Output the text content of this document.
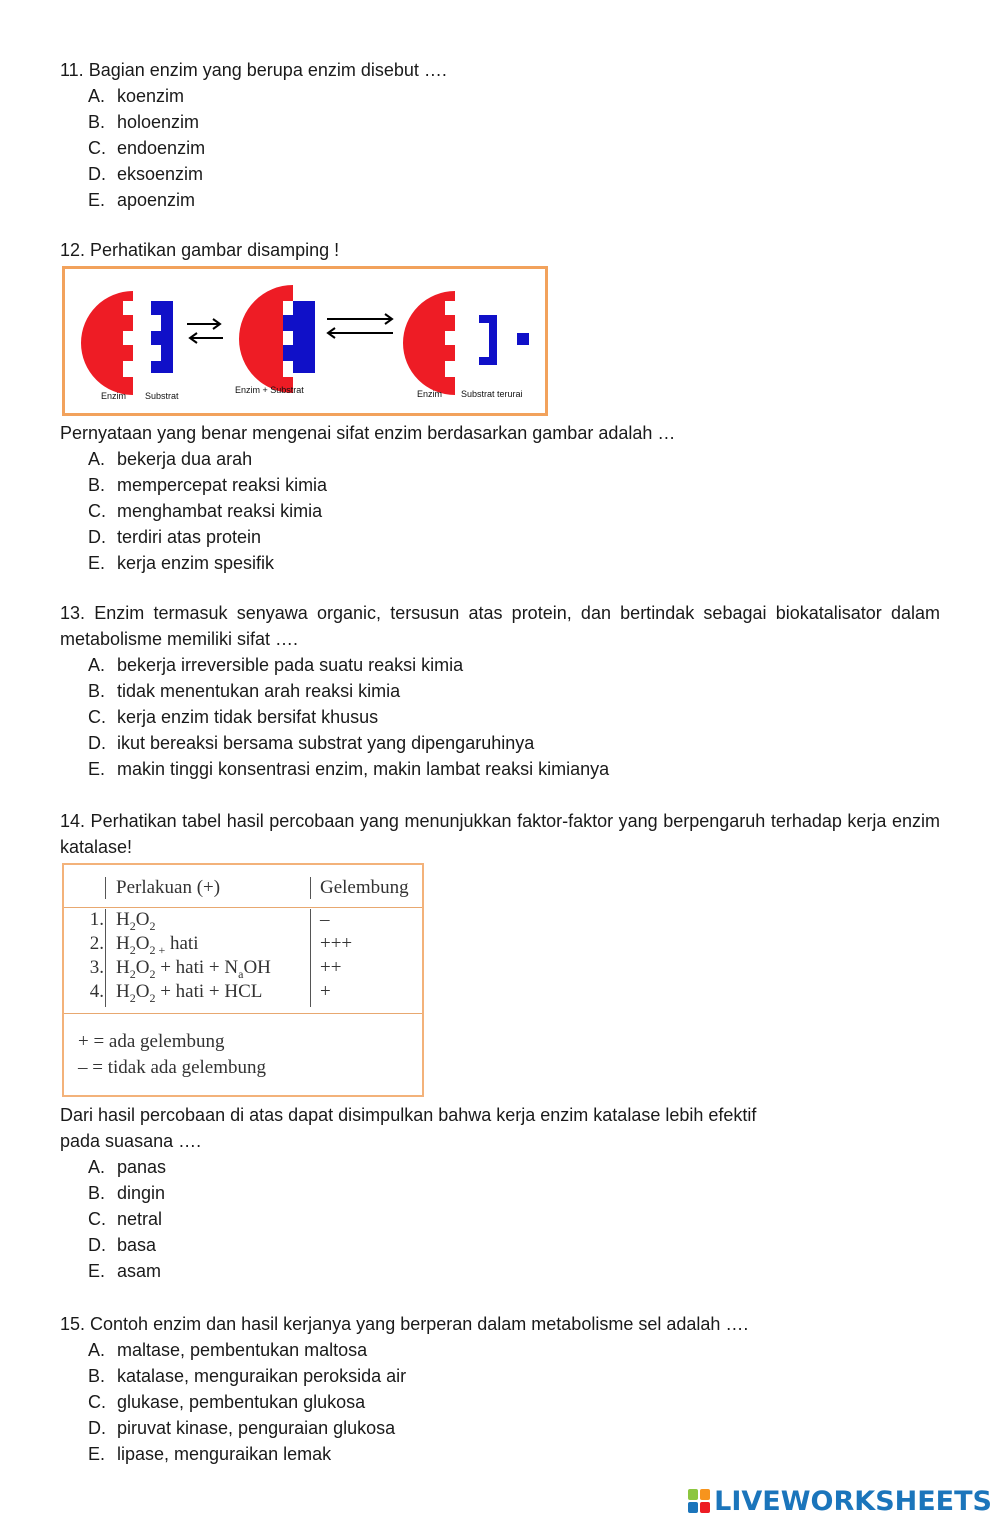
11. Bagian enzim yang berupa enzim disebut ….

A. koenzim
B. holoenzim
C. endoenzim
D. eksoenzim
E. apoenzim

12. Perhatikan gambar disamping !

Pernyataan yang benar mengenai sifat enzim berdasarkan gambar adalah …

A. bekerja dua arah
B. mempercepat reaksi kimia
C. menghambat reaksi kimia
D. terdiri atas protein
E. kerja enzim spesifik
Enzim Substrat
Enzim + Substrat	Enzim Substrat terurai

13. Enzim termasuk senyawa organic, tersusun atas protein, dan bertindak sebagai biokatalisator dalam metabolisme memiliki sifat ….

A. bekerja irreversible pada suatu reaksi kimia
B. tidak menentukan arah reaksi kimia
C. kerja enzim tidak bersifat khusus
D. ikut bereaksi bersama substrat yang dipengaruhinya
E. makin tinggi konsentrasi enzim, makin lambat reaksi kimianya

14. Perhatikan tabel hasil percobaan yang menunjukkan faktor-faktor yang berpengaruh terhadap kerja enzim katalase!

Dari hasil percobaan di atas dapat disimpulkan bahwa kerja enzim katalase lebih efektif

pada suasana ….

A. panas
B. dingin
C. netral
D. basa
E. asam
Perlakuan (+)	Gelembung
1. $H_2O_2$	–
2. $H_2O_{2 +}$ hati	+++
3. $H_2O_2$ + hati + $N_aOH$	++
4. $H_2O_2$ + hati + HCL	+
+ = ada gelembung
– = tidak ada gelembung

15. Contoh enzim dan hasil kerjanya yang berperan dalam metabolisme sel adalah ….

A. maltase, pembentukan maltosa
B. katalase, menguraikan peroksida air
C. glukase, pembentukan glukosa
D. piruvat kinase, penguraian glukosa
E. lipase, menguraikan lemak
LIVEWORKSHEETS
